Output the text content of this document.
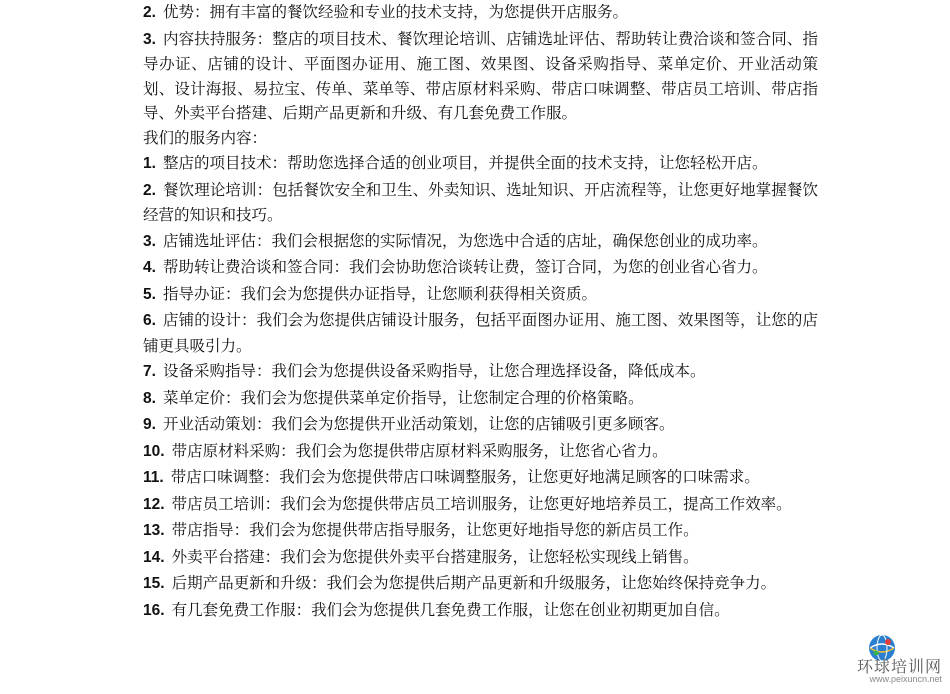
2. 优势：拥有丰富的餐饮经验和专业的技术支持，为您提供开店服务。

3. 内容扶持服务：整店的项目技术、餐饮理论培训、店铺选址评估、帮助转让费洽谈和签合同、指导办证、店铺的设计、平面图办证用、施工图、效果图、设备采购指导、菜单定价、开业活动策划、设计海报、易拉宝、传单、菜单等、带店原材料采购、带店口味调整、带店员工培训、带店指导、外卖平台搭建、后期产品更新和升级、有几套免费工作服。

我们的服务内容：

1. 整店的项目技术：帮助您选择合适的创业项目，并提供全面的技术支持，让您轻松开店。

2. 餐饮理论培训：包括餐饮安全和卫生、外卖知识、选址知识、开店流程等，让您更好地掌握餐饮经营的知识和技巧。

3. 店铺选址评估：我们会根据您的实际情况，为您选中合适的店址，确保您创业的成功率。

4. 帮助转让费洽谈和签合同：我们会协助您洽谈转让费，签订合同，为您的创业省心省力。

5. 指导办证：我们会为您提供办证指导，让您顺利获得相关资质。

6. 店铺的设计：我们会为您提供店铺设计服务，包括平面图办证用、施工图、效果图等，让您的店铺更具吸引力。

7. 设备采购指导：我们会为您提供设备采购指导，让您合理选择设备，降低成本。

8. 菜单定价：我们会为您提供菜单定价指导，让您制定合理的价格策略。

9. 开业活动策划：我们会为您提供开业活动策划，让您的店铺吸引更多顾客。

10. 带店原材料采购：我们会为您提供带店原材料采购服务，让您省心省力。

11. 带店口味调整：我们会为您提供带店口味调整服务，让您更好地满足顾客的口味需求。

12. 带店员工培训：我们会为您提供带店员工培训服务，让您更好地培养员工，提高工作效率。

13. 带店指导：我们会为您提供带店指导服务，让您更好地指导您的新店员工作。

14. 外卖平台搭建：我们会为您提供外卖平台搭建服务，让您轻松实现线上销售。

15. 后期产品更新和升级：我们会为您提供后期产品更新和升级服务，让您始终保持竞争力。

16. 有几套免费工作服：我们会为您提供几套免费工作服，让您在创业初期更加自信。

环球培训网
www.peixuncn.net
